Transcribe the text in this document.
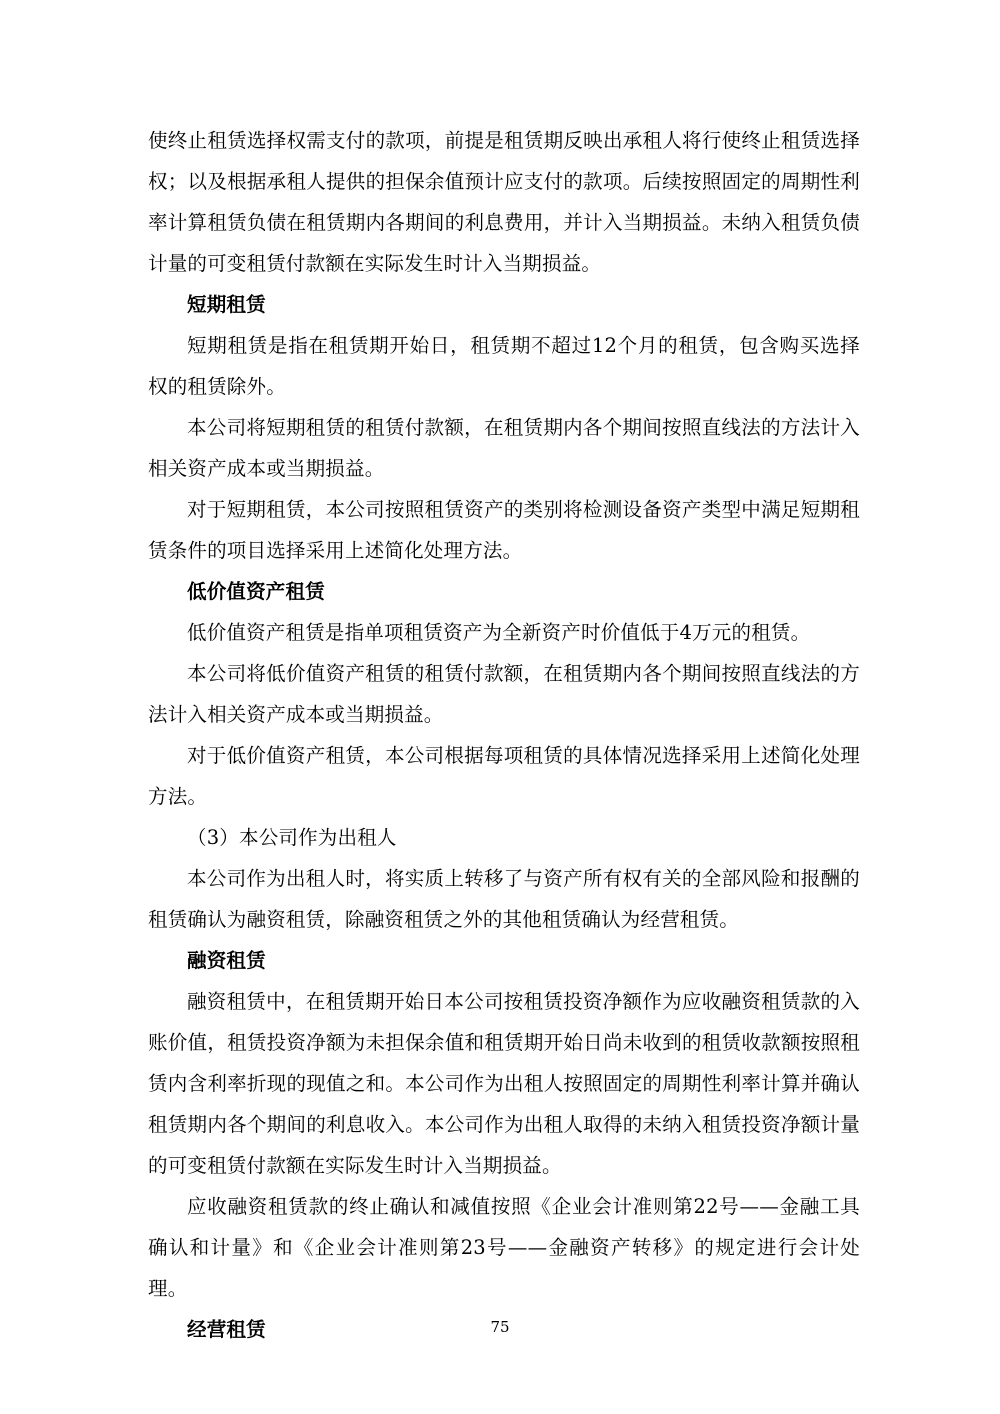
使终止租赁选择权需支付的款项，前提是租赁期反映出承租人将行使终止租赁选择权；以及根据承租人提供的担保余值预计应支付的款项。后续按照固定的周期性利率计算租赁负债在租赁期内各期间的利息费用，并计入当期损益。未纳入租赁负债计量的可变租赁付款额在实际发生时计入当期损益。

短期租赁

短期租赁是指在租赁期开始日，租赁期不超过12个月的租赁，包含购买选择权的租赁除外。

本公司将短期租赁的租赁付款额，在租赁期内各个期间按照直线法的方法计入相关资产成本或当期损益。

对于短期租赁，本公司按照租赁资产的类别将检测设备资产类型中满足短期租赁条件的项目选择采用上述简化处理方法。

低价值资产租赁

低价值资产租赁是指单项租赁资产为全新资产时价值低于4万元的租赁。

本公司将低价值资产租赁的租赁付款额，在租赁期内各个期间按照直线法的方法计入相关资产成本或当期损益。

对于低价值资产租赁，本公司根据每项租赁的具体情况选择采用上述简化处理方法。

（3）本公司作为出租人

本公司作为出租人时，将实质上转移了与资产所有权有关的全部风险和报酬的租赁确认为融资租赁，除融资租赁之外的其他租赁确认为经营租赁。

融资租赁

融资租赁中，在租赁期开始日本公司按租赁投资净额作为应收融资租赁款的入账价值，租赁投资净额为未担保余值和租赁期开始日尚未收到的租赁收款额按照租赁内含利率折现的现值之和。本公司作为出租人按照固定的周期性利率计算并确认租赁期内各个期间的利息收入。本公司作为出租人取得的未纳入租赁投资净额计量的可变租赁付款额在实际发生时计入当期损益。

应收融资租赁款的终止确认和减值按照《企业会计准则第22号——金融工具确认和计量》和《企业会计准则第23号——金融资产转移》的规定进行会计处理。

经营租赁	75
